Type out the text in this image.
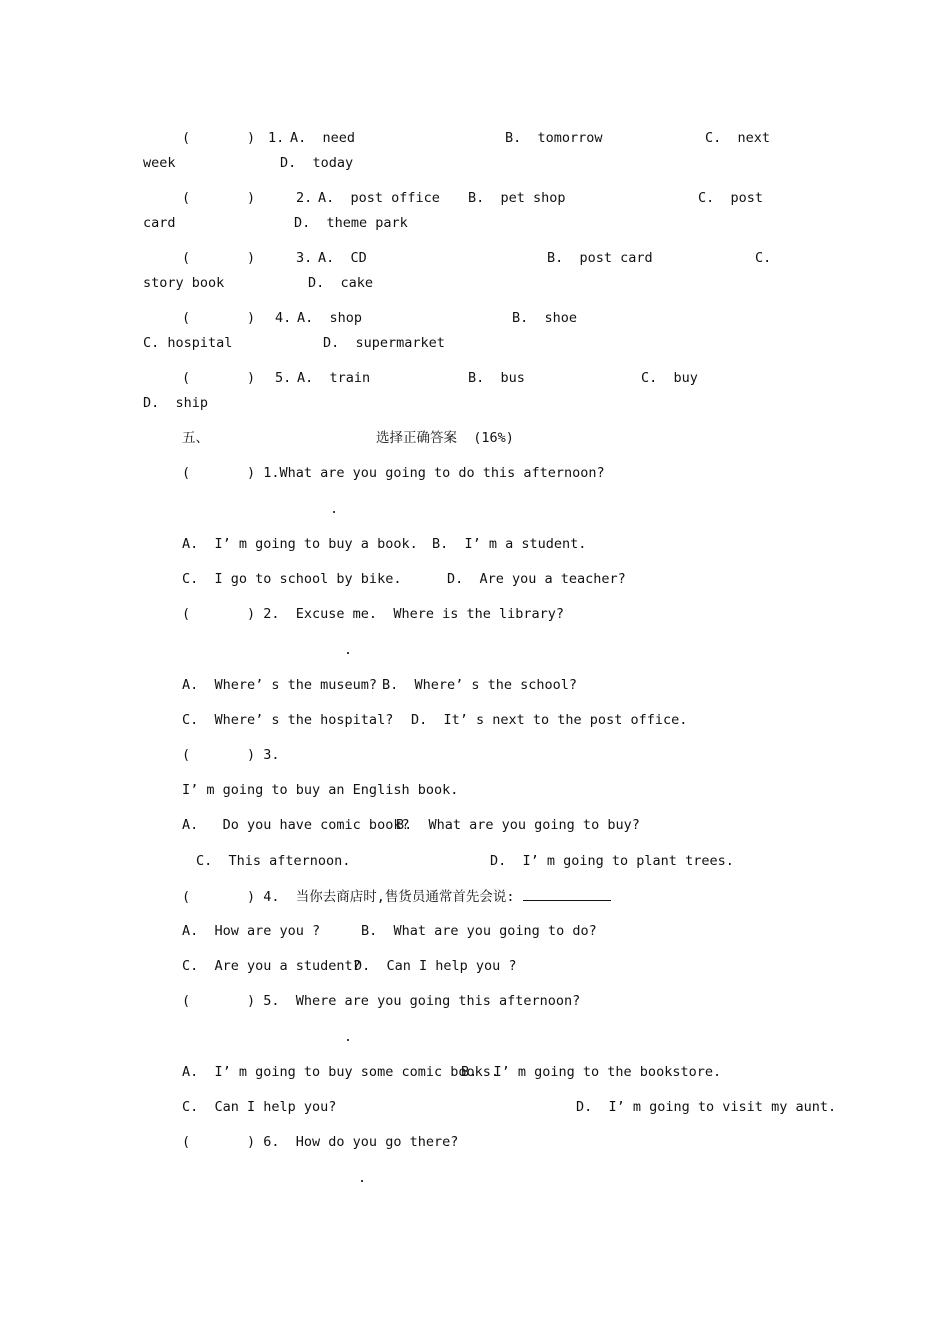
(       ) 1. A.  need	B.  tomorrow	C.  next
week	D.  today
(       )	2. A.  post office B.  pet shop	C.  post
card	D.  theme park
(       )	3. A.  CD	B.  post card	C.
story book	D.  cake
(       ) 4. A.  shop	B.  shoe
C. hospital	D.  supermarket
(       ) 5. A.  train	B.  bus	C.  buy
D.  ship
五、	选择正确答案  (16%)
(       ) 1.What are you going to do this afternoon?
.
A.  I’ m going to buy a book. B.  I’ m a student.
C.  I go to school by bike.	D.  Are you a teacher?
(       ) 2.  Excuse me.  Where is the library?
.
A.  Where’ s the museum? B.  Where’ s the school?
C.  Where’ s the hospital? D.  It’ s next to the post office.
(       ) 3.
I’ m going to buy an English book.
A.   Do you have comic book?
B.  What are you going to buy?
C.  This afternoon.	D.  I’ m going to plant trees.
(       ) 4.  当你去商店时,售货员通常首先会说:
A.  How are you ?	B.  What are you going to do?
C.  Are you a student?
D.  Can I help you ?
(       ) 5.  Where are you going this afternoon?
.
A.  I’ m going to buy some comic books.
B.  I’ m going to the bookstore.
C.  Can I help you?	D.  I’ m going to visit my aunt.
(       ) 6.  How do you go there?
.
